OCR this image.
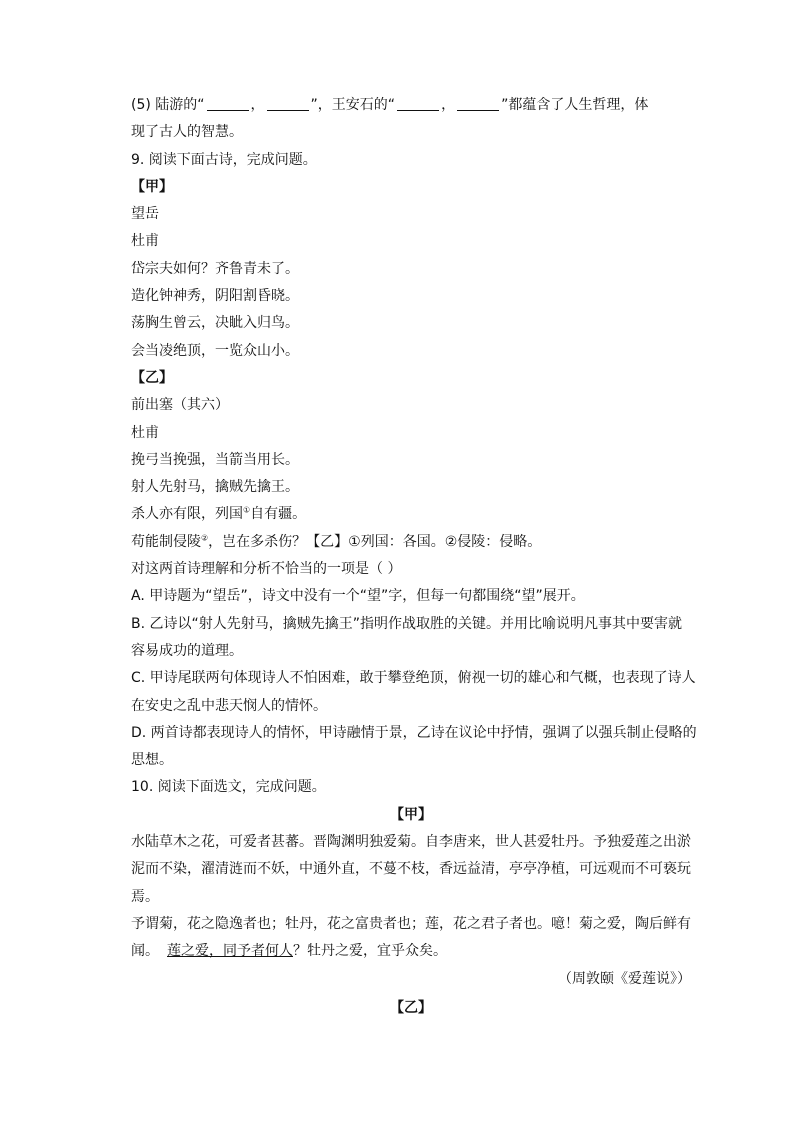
(5) 陆游的“	，	”，王安石的“	，	”都蕴含了人生哲理，体
现了古人的智慧。
9. 阅读下面古诗，完成问题。
【甲】
望岳
杜甫
岱宗夫如何？齐鲁青未了。
造化钟神秀，阴阳割昏晓。
荡胸生曾云，决眦入归鸟。
会当凌绝顶，一览众山小。
【乙】
前出塞（其六）
杜甫
挽弓当挽强，当箭当用长。
射人先射马，擒贼先擒王。
杀人亦有限，列国①自有疆。
苟能制侵陵②，岂在多杀伤？【乙】①列国：各国。②侵陵：侵略。
对这两首诗理解和分析不恰当的一项是（ ）
A. 甲诗题为“望岳”，诗文中没有一个“望”字，但每一句都围绕“望”展开。
B. 乙诗以“射人先射马，擒贼先擒王”指明作战取胜的关键。并用比喻说明凡事其中要害就
容易成功的道理。
C. 甲诗尾联两句体现诗人不怕困难，敢于攀登绝顶，俯视一切的雄心和气概，也表现了诗人
在安史之乱中悲天悯人的情怀。
D. 两首诗都表现诗人的情怀，甲诗融情于景，乙诗在议论中抒情，强调了以强兵制止侵略的
思想。
10. 阅读下面选文，完成问题。
【甲】
水陆草木之花，可爱者甚蕃。晋陶渊明独爱菊。自李唐来，世人甚爱牡丹。予独爱莲之出淤
泥而不染，濯清涟而不妖，中通外直，不蔓不枝，香远益清，亭亭净植，可远观而不可亵玩
焉。
予谓菊，花之隐逸者也；牡丹，花之富贵者也；莲，花之君子者也。噫！菊之爱，陶后鲜有
闻。 莲之爱，同予者何人？牡丹之爱，宜乎众矣。
（周敦颐《爱莲说》）
【乙】
